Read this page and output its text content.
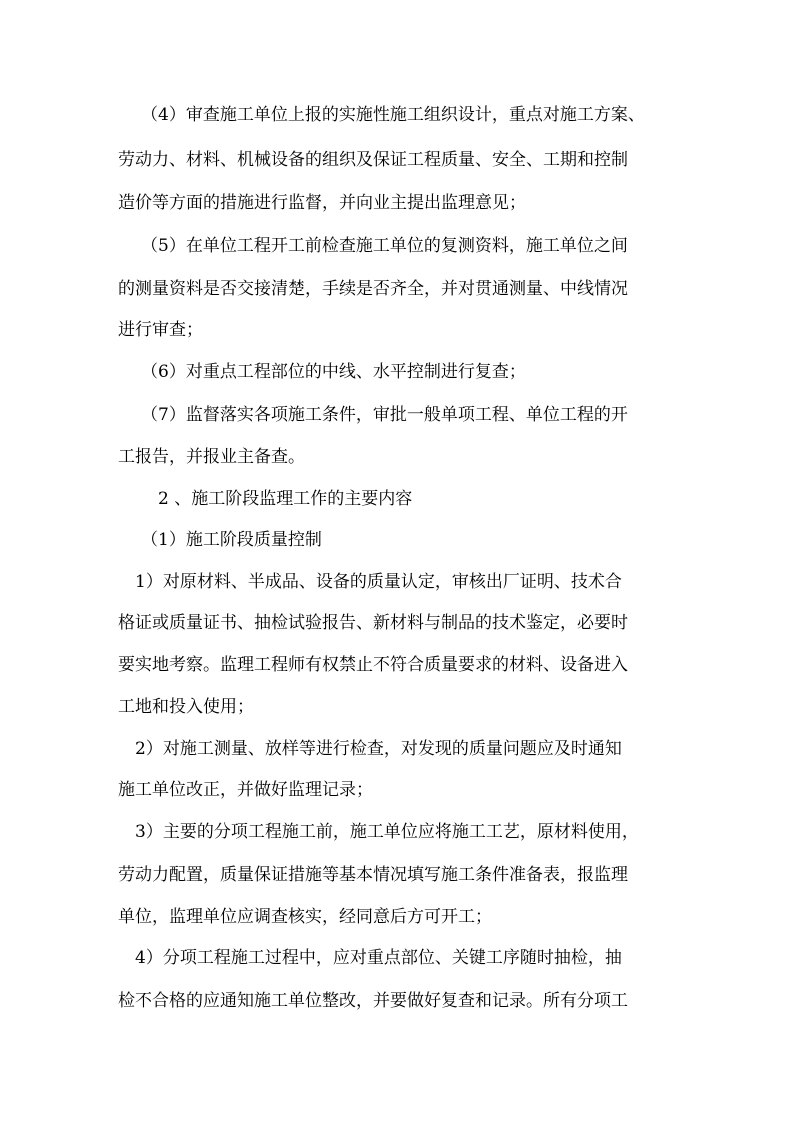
（4）审查施工单位上报的实施性施工组织设计，重点对施工方案、
劳动力、材料、机械设备的组织及保证工程质量、安全、工期和控制
造价等方面的措施进行监督，并向业主提出监理意见；
（5）在单位工程开工前检查施工单位的复测资料，施工单位之间
的测量资料是否交接清楚，手续是否齐全，并对贯通测量、中线情况
进行审查；
（6）对重点工程部位的中线、水平控制进行复查；
（7）监督落实各项施工条件，审批一般单项工程、单位工程的开
工报告，并报业主备查。
2 、施工阶段监理工作的主要内容
（1）施工阶段质量控制
1）对原材料、半成品、设备的质量认定，审核出厂证明、技术合
格证或质量证书、抽检试验报告、新材料与制品的技术鉴定，必要时
要实地考察。监理工程师有权禁止不符合质量要求的材料、设备进入
工地和投入使用；
2）对施工测量、放样等进行检查，对发现的质量问题应及时通知
施工单位改正，并做好监理记录；
3）主要的分项工程施工前，施工单位应将施工工艺，原材料使用，
劳动力配置，质量保证措施等基本情况填写施工条件准备表，报监理
单位，监理单位应调查核实，经同意后方可开工；
4）分项工程施工过程中，应对重点部位、关键工序随时抽检，抽
检不合格的应通知施工单位整改，并要做好复查和记录。所有分项工
